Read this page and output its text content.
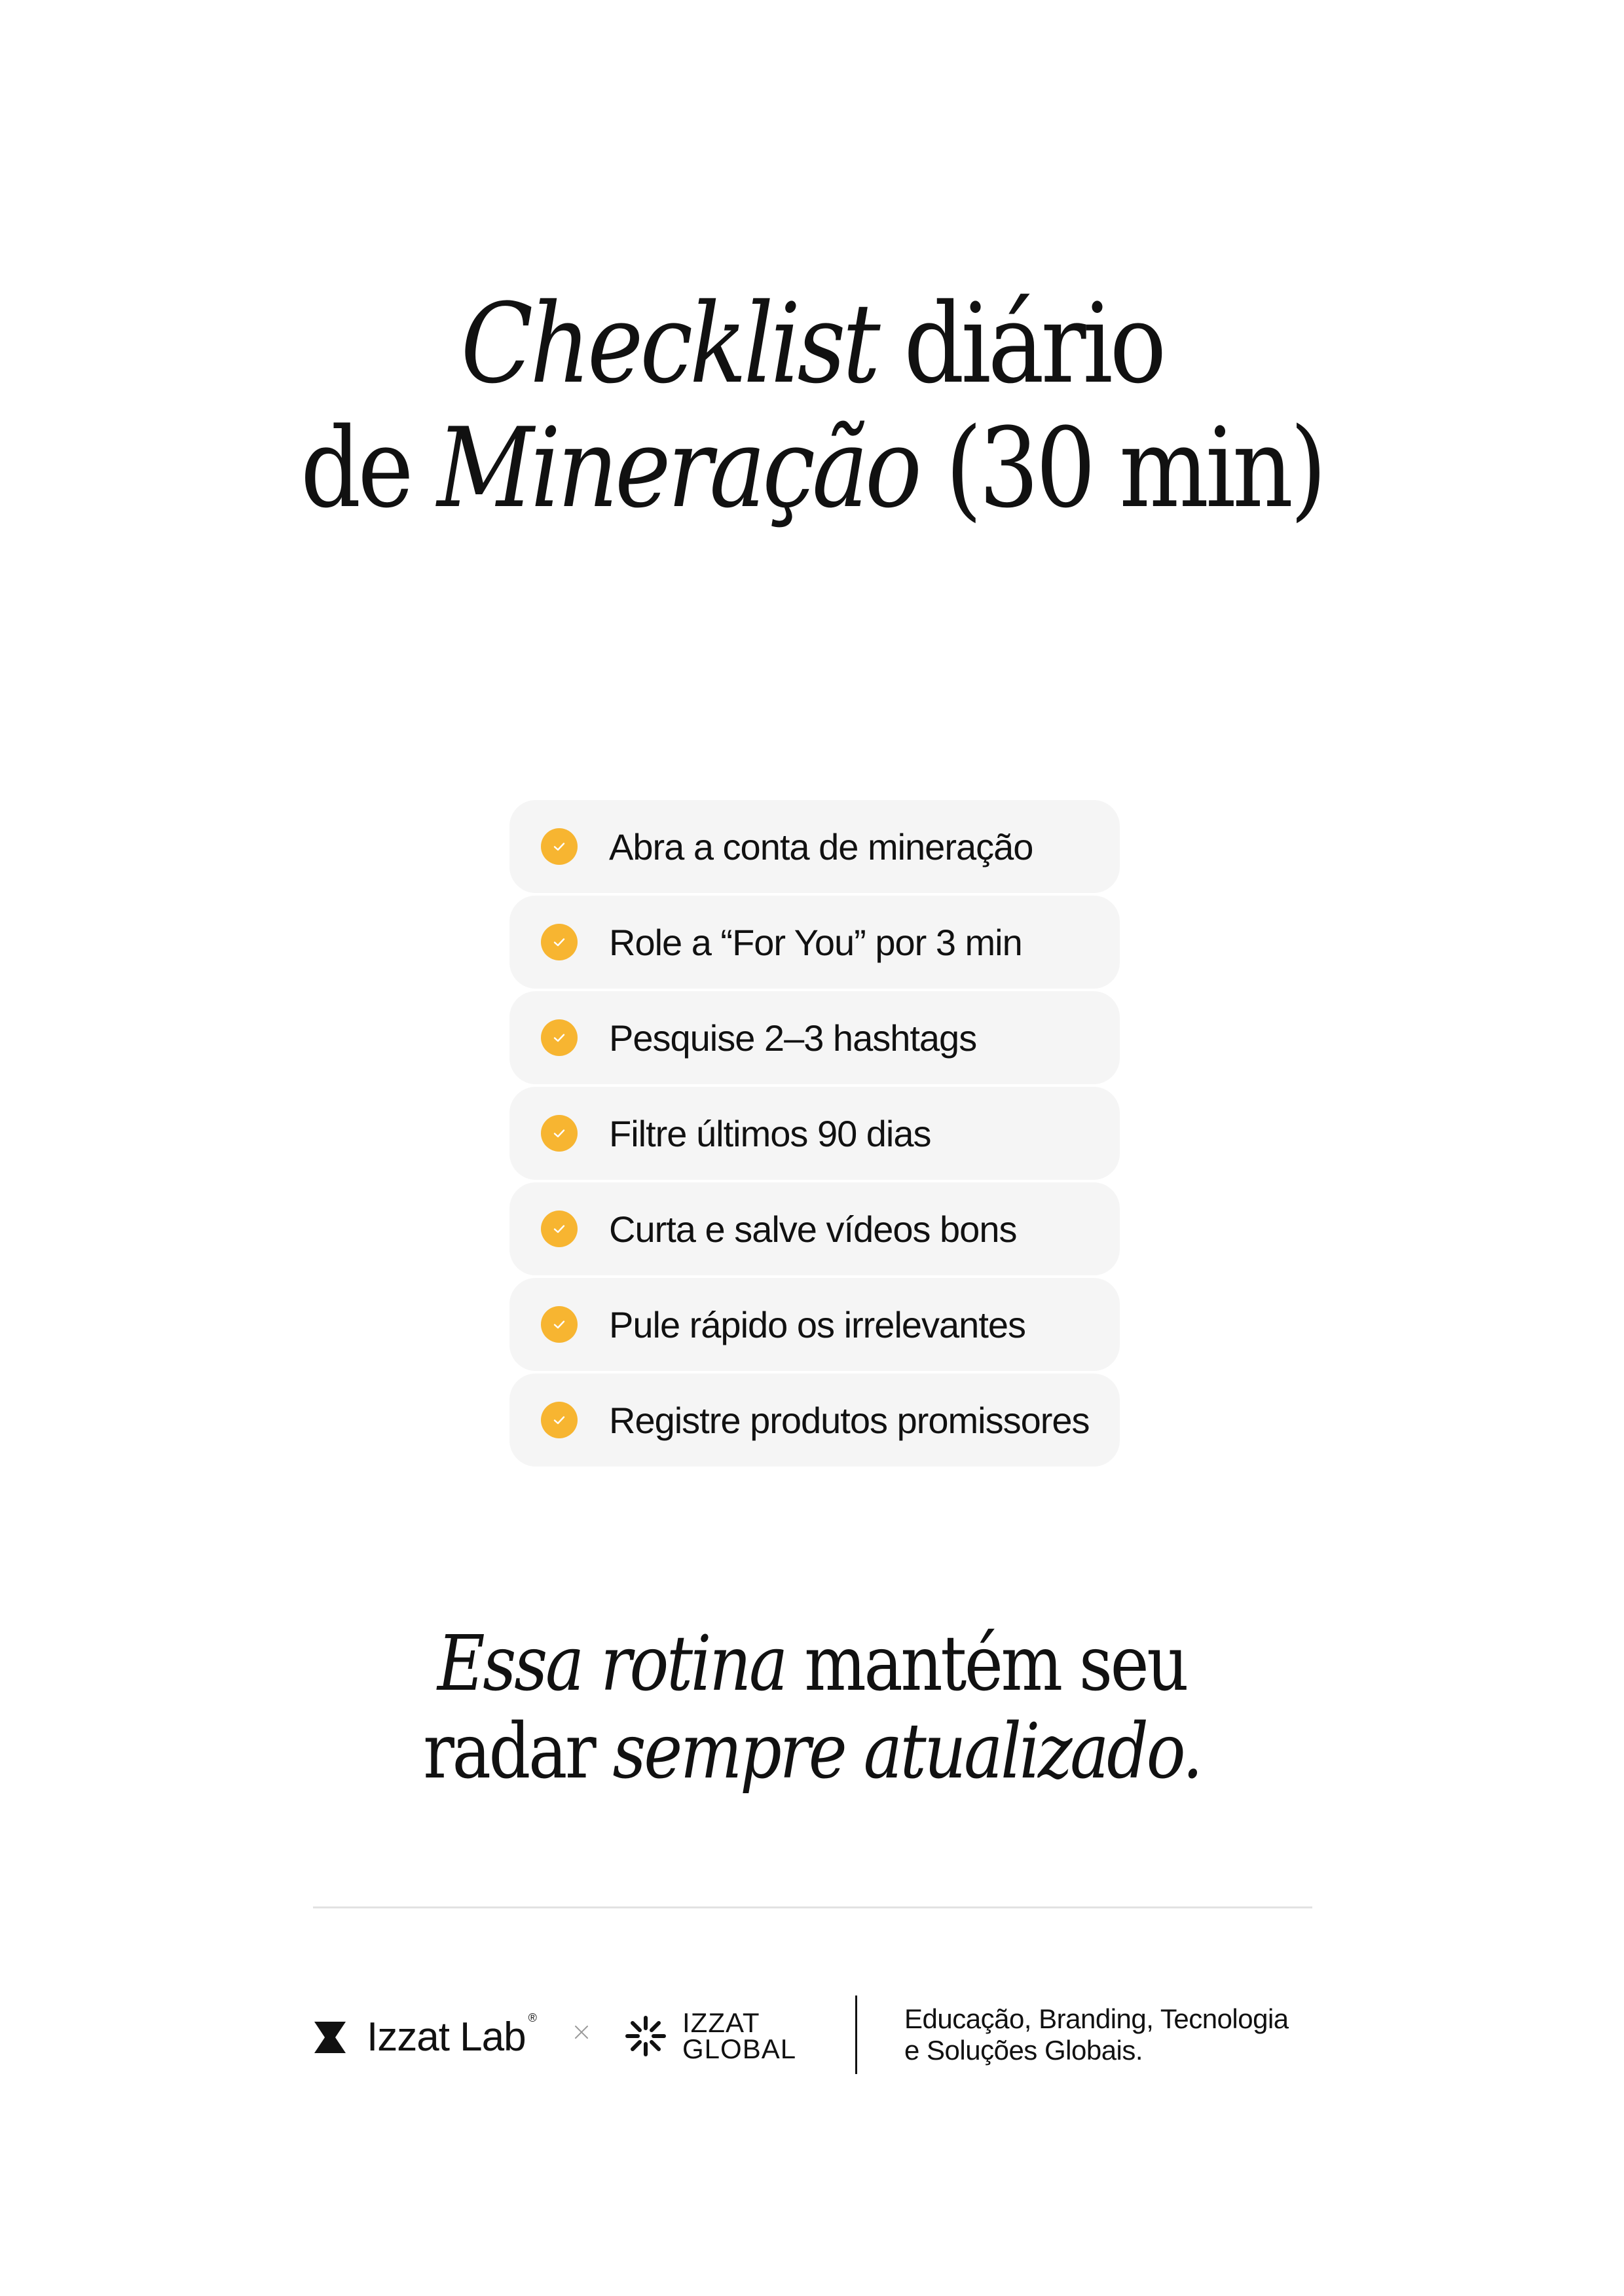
Checklist diário
de Mineração (30 min)
Abra a conta de mineração
Role a “For You” por 3 min
Pesquise 2–3 hashtags
Filtre últimos 90 dias
Curta e salve vídeos bons
Pule rápido os irrelevantes
Registre produtos promissores

Essa rotina mantém seu
radar sempre atualizado.

Izzat Lab ®	IZZAT
GLOBAL
Educação, Branding, Tecnologia
e Soluções Globais.
